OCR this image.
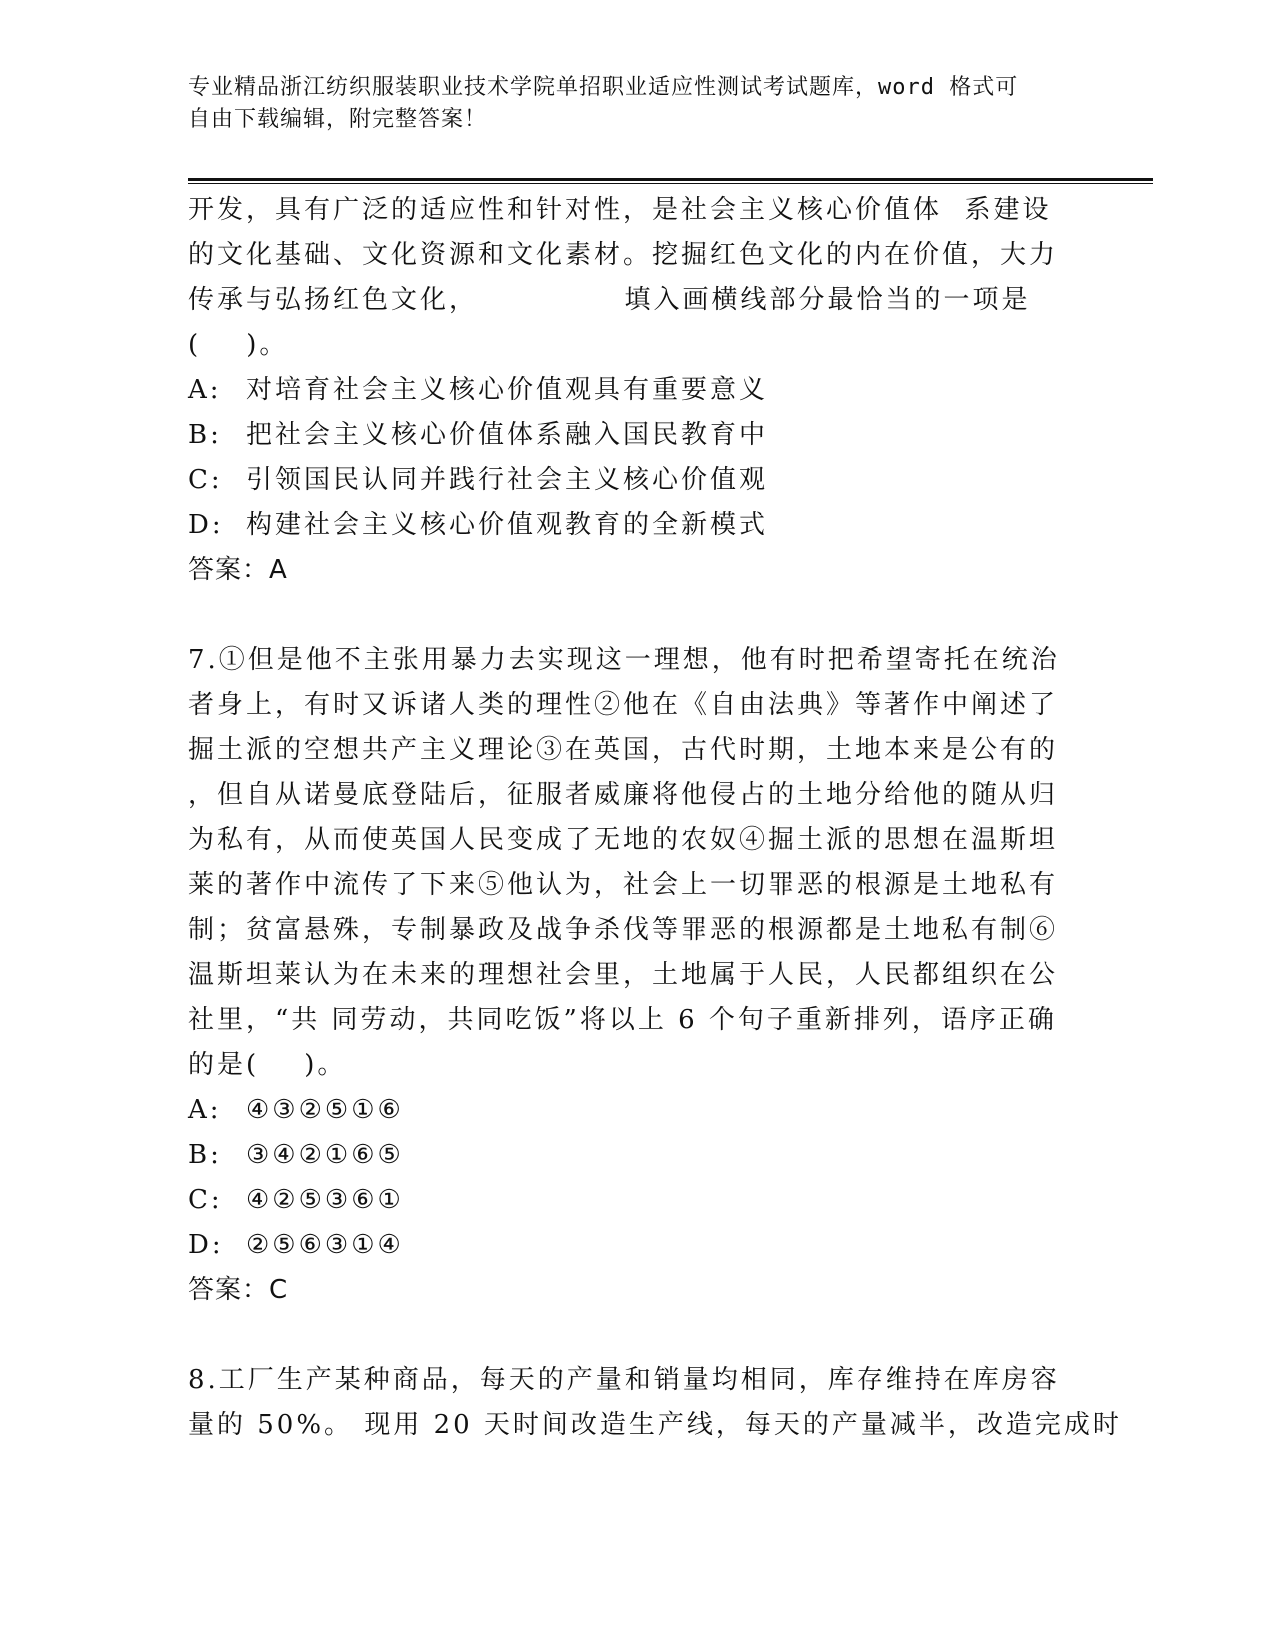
专业精品浙江纺织服装职业技术学院单招职业适应性测试考试题库，word 格式可
自由下载编辑，附完整答案！
开发，具有广泛的适应性和针对性，是社会主义核心价值体  系建设
的文化基础、文化资源和文化素材。挖掘红色文化的内在价值，大力
传承与弘扬红色文化，             填入画横线部分最恰当的一项是
(    )。
A: 对培育社会主义核心价值观具有重要意义
B: 把社会主义核心价值体系融入国民教育中
C: 引领国民认同并践行社会主义核心价值观
D: 构建社会主义核心价值观教育的全新模式
答案：A
7.①但是他不主张用暴力去实现这一理想，他有时把希望寄托在统治
者身上，有时又诉诸人类的理性②他在《自由法典》等著作中阐述了
掘土派的空想共产主义理论③在英国，古代时期，土地本来是公有的
，但自从诺曼底登陆后，征服者威廉将他侵占的土地分给他的随从归
为私有，从而使英国人民变成了无地的农奴④掘土派的思想在温斯坦
莱的著作中流传了下来⑤他认为，社会上一切罪恶的根源是土地私有
制；贫富悬殊，专制暴政及战争杀伐等罪恶的根源都是土地私有制⑥
温斯坦莱认为在未来的理想社会里，土地属于人民，人民都组织在公
社里，“共 同劳动，共同吃饭”将以上 6 个句子重新排列，语序正确
的是(    )。
A: ④③②⑤①⑥
B: ③④②①⑥⑤
C: ④②⑤③⑥①
D: ②⑤⑥③①④
答案：C
8.工厂生产某种商品，每天的产量和销量均相同，库存维持在库房容
量的 50%。 现用 20 天时间改造生产线，每天的产量减半，改造完成时
